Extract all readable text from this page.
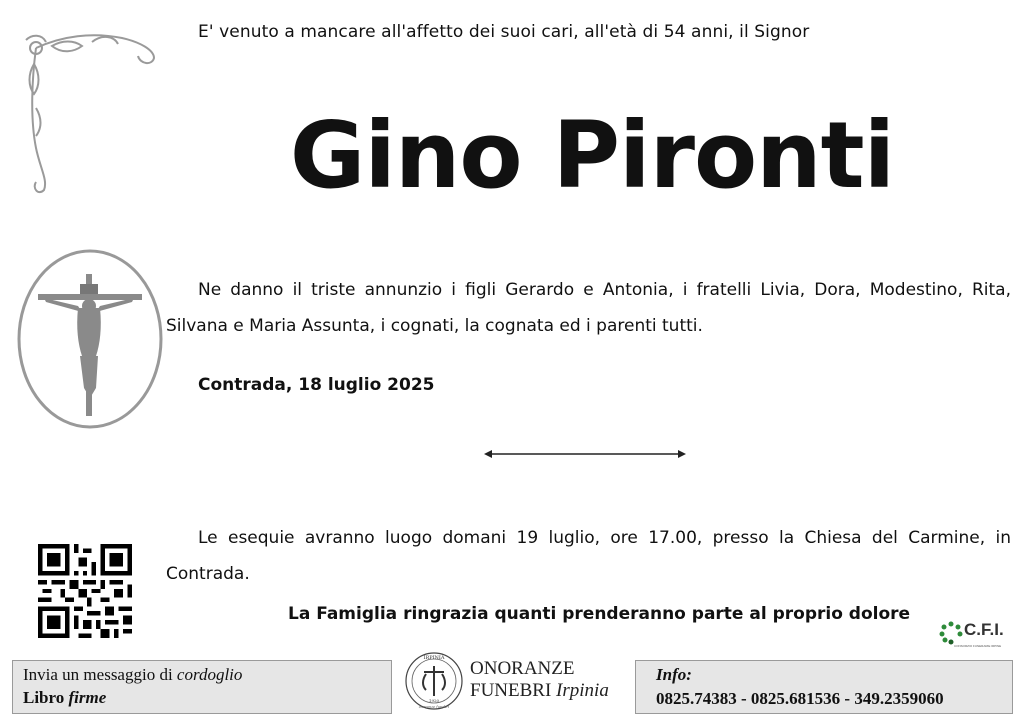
E' venuto a mancare all'affetto dei suoi cari, all'età di 54 anni, il Signor
Gino Pironti
Ne danno il triste annunzio i figli Gerardo e Antonia, i fratelli Livia, Dora, Modestino, Rita, Silvana e Maria Assunta, i cognati, la cognata ed i parenti tutti.
Contrada, 18 luglio 2025
Le esequie avranno luogo domani 19 luglio, ore 17.00, presso la Chiesa del Carmine, in Contrada.
La Famiglia ringrazia quanti prenderanno parte al proprio dolore
C.F.I.
CONSORZIO FUNERARIE IRPINE
Invia un messaggio di cordoglio
Libro firme
IRPINIA
1920
onoranze funebri
ONORANZE
FUNEBRI Irpinia
Info:
0825.74383 - 0825.681536 - 349.2359060
